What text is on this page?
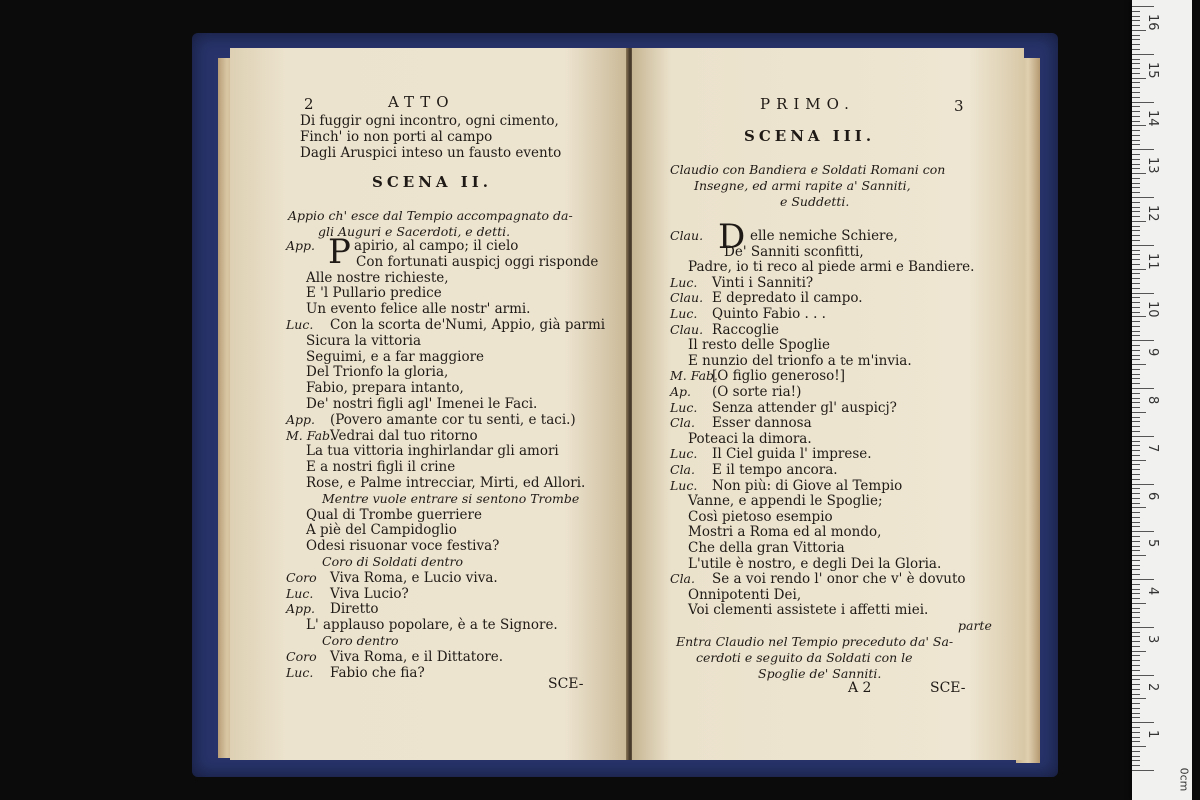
2	ATTO
Di fuggir ogni incontro, ogni cimento,
Finch' io non porti al campo
Dagli Aruspici inteso un fausto evento
SCENA II.
Appio ch' esce dal Tempio accompagnato da-
gli Auguri e Sacerdoti, e detti.
App.	apirio, al campo; il cielo
Con fortunati auspicj oggi risponde
Alle nostre richieste,
E 'l Pullario predice
Un evento felice alle nostr' armi.
Luc. Con la scorta de'Numi, Appio, già parmi
Sicura la vittoria
Seguimi, e a far maggiore
Del Trionfo la gloria,
Fabio, prepara intanto,
De' nostri figli agl' Imenei le Faci.
App. (Povero amante cor tu senti, e taci.)
M. Fab.
Vedrai dal tuo ritorno
La tua vittoria inghirlandar gli amori
E a nostri figli il crine
Rose, e Palme intrecciar, Mirti, ed Allori.
Mentre vuole entrare si sentono Trombe
Qual di Trombe guerriere
A piè del Campidoglio
Odesi risuonar voce festiva?
Coro di Soldati dentro
Coro Viva Roma, e Lucio viva.
Luc. Viva Lucio?
App. Diretto
L' applauso popolare, è a te Signore.
Coro dentro
Coro Viva Roma, e il Dittatore.
Luc. Fabio che fia?
P
SCE-
PRIMO.	3
SCENA III.
Claudio con Bandiera e Soldati Romani con
Insegne, ed armi rapite a' Sanniti,
e Suddetti.
D
Clau.	elle nemiche Schiere,
De' Sanniti sconfitti,
Padre, io ti reco al piede armi e Bandiere.
Luc. Vinti i Sanniti?
Clau. E depredato il campo.
Luc. Quinto Fabio . . .
Clau. Raccoglie
Il resto delle Spoglie
E nunzio del trionfo a te m'invia.
M. Fab.
[O figlio generoso!]
Ap. (O sorte ria!)
Luc. Senza attender gl' auspicj?
Cla. Esser dannosa
Poteaci la dimora.
Luc. Il Ciel guida l' imprese.
Cla. E il tempo ancora.
Luc. Non più: di Giove al Tempio
Vanne, e appendi le Spoglie;
Così pietoso esempio
Mostri a Roma ed al mondo,
Che della gran Vittoria
L'utile è nostro, e degli Dei la Gloria.
Cla. Se a voi rendo l' onor che v' è dovuto
Onnipotenti Dei,
Voi clementi assistete i affetti miei.
parte
Entra Claudio nel Tempio preceduto da' Sa-
cerdoti e seguito da Soldati con le
Spoglie de' Sanniti.
A 2	SCE-
0cm
16
15
14
13
12
11
10
9
8
7
6
5
4
3
2
1
